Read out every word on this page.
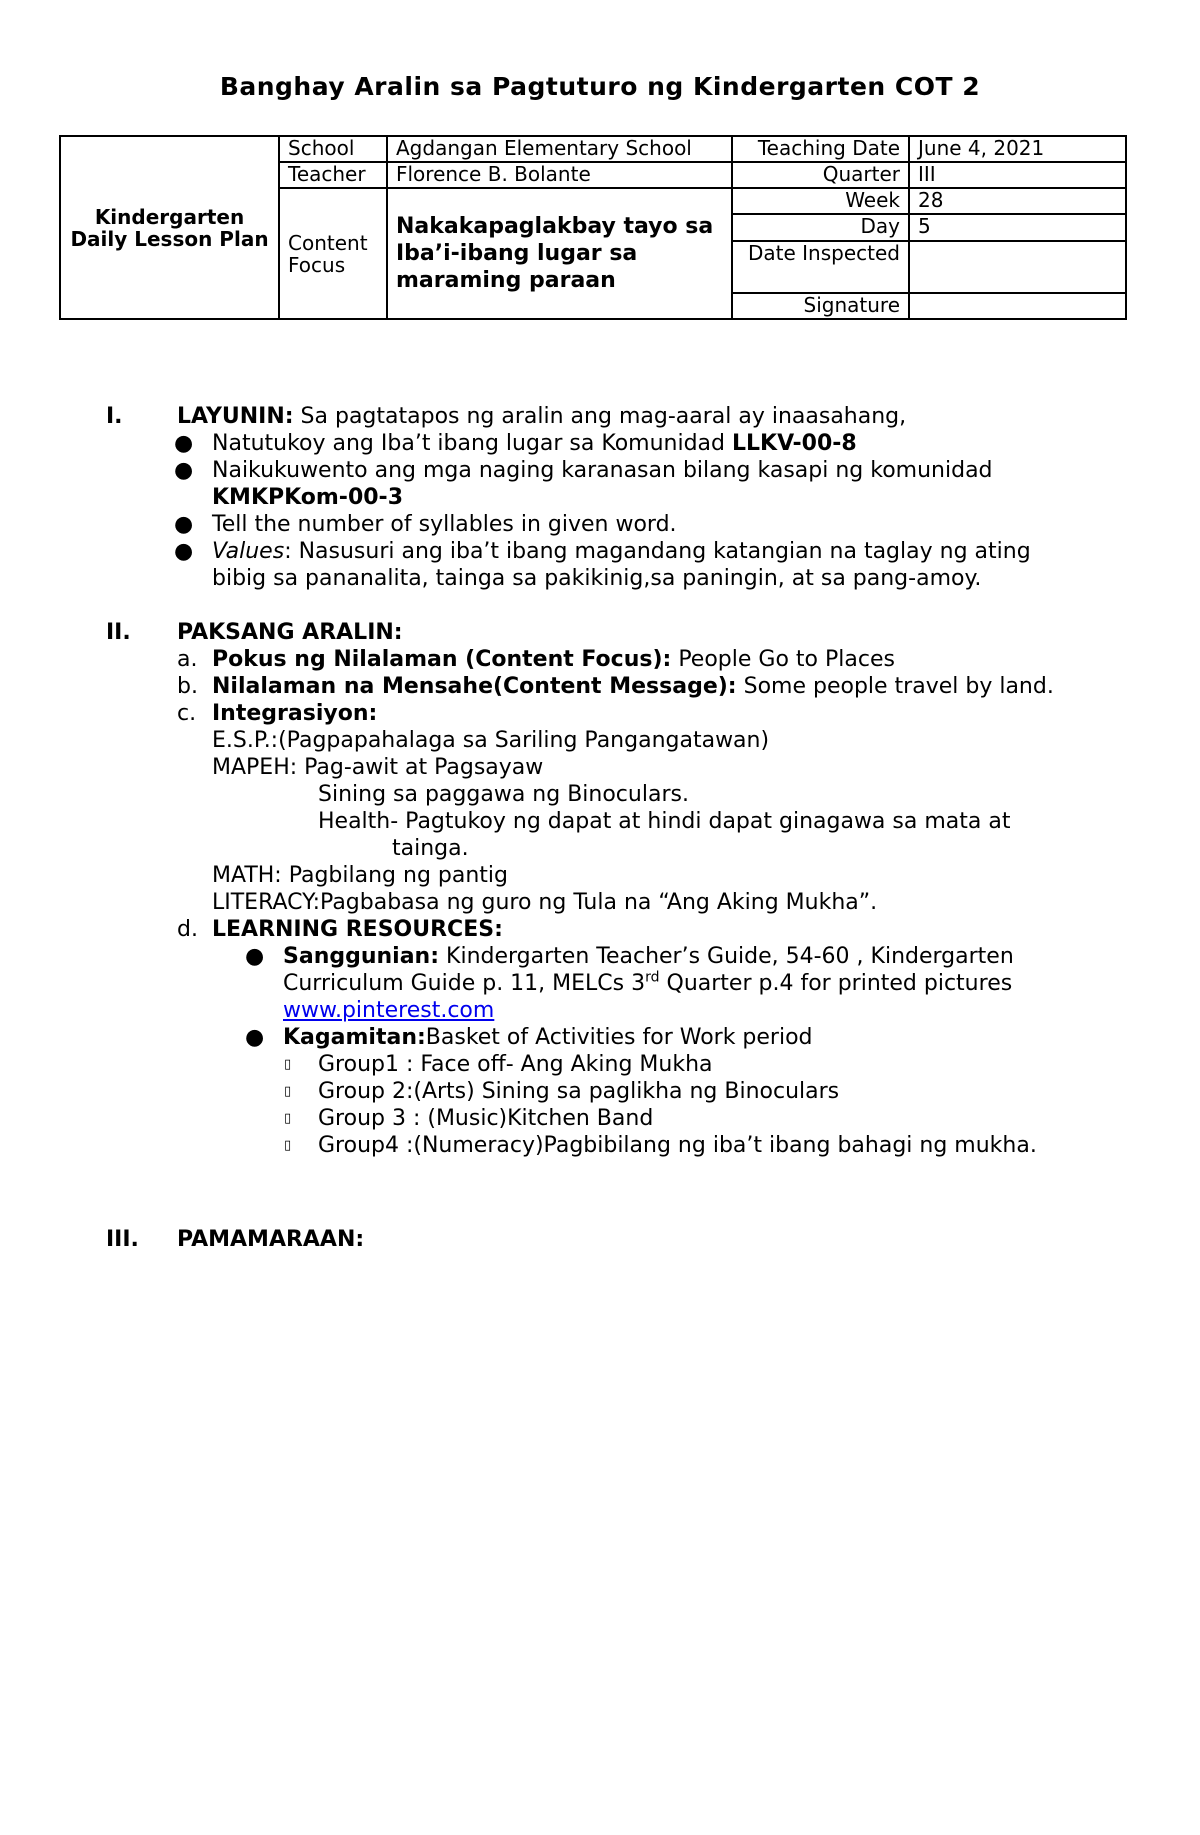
Banghay Aralin sa Pagtuturo ng Kindergarten COT 2
Kindergarten Daily Lesson Plan	School	Agdangan Elementary School	Teaching Date	June 4, 2021
	Teacher	Florence B. Bolante	Quarter	III
	Content Focus	Nakakapaglakbay tayo sa Iba’i-ibang lugar sa maraming paraan	Week	28
			Day	5
			Date Inspected	
			Signature	
I. LAYUNIN: Sa pagtatapos ng aralin ang mag-aaral ay inaasahang,
● Natutukoy ang Iba’t ibang lugar sa Komunidad LLKV-00-8
● Naikukuwento ang mga naging karanasan bilang kasapi ng komunidad
KMKPKom-00-3
● Tell the number of syllables in given word.
● Values: Nasusuri ang iba’t ibang magandang katangian na taglay ng ating
bibig sa pananalita, tainga sa pakikinig,sa paningin, at sa pang-amoy.
II. PAKSANG ARALIN:
a. Pokus ng Nilalaman (Content Focus): People Go to Places
b. Nilalaman na Mensahe(Content Message): Some people travel by land.
c. Integrasiyon:
E.S.P.:(Pagpapahalaga sa Sariling Pangangatawan)
MAPEH: Pag-awit at Pagsayaw
Sining sa paggawa ng Binoculars.
Health- Pagtukoy ng dapat at hindi dapat ginagawa sa mata at
tainga.
MATH: Pagbilang ng pantig
LITERACY:Pagbabasa ng guro ng Tula na “Ang Aking Mukha”.
d. LEARNING RESOURCES:
● Sanggunian: Kindergarten Teacher’s Guide, 54-60 , Kindergarten
Curriculum Guide p. 11, MELCs 3rd Quarter p.4 for printed pictures
www.pinterest.com
● Kagamitan:Basket of Activities for Work period
▯ Group1 : Face off- Ang Aking Mukha
▯ Group 2:(Arts) Sining sa paglikha ng Binoculars
▯ Group 3 : (Music)Kitchen Band
▯ Group4 :(Numeracy)Pagbibilang ng iba’t ibang bahagi ng mukha.
III. PAMAMARAAN:
